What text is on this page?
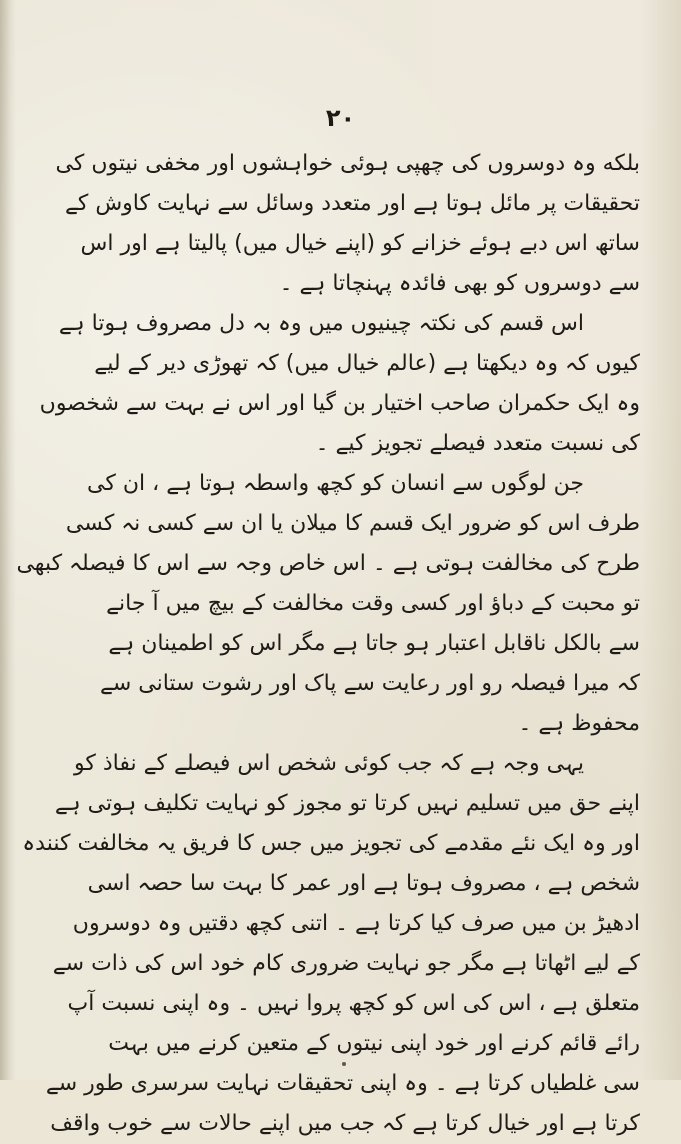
۲۰
بلکه وہ دوسروں کی چھپی ہوئی خواہشوں اور مخفی نیتوں کی
تحقیقات پر مائل ہوتا ہے اور متعدد وسائل سے نہایت کاوش کے
ساتھ اس دبے ہوئے خزانے کو (اپنے خیال میں) پالیتا ہے اور اس
سے دوسروں کو بھی فائدہ پہنچاتا ہے ۔
اس قسم کی نکتہ چینیوں میں وہ بہ دل مصروف ہوتا ہے
کیوں کہ وہ دیکھتا ہے (عالم خیال میں) کہ تھوڑی دیر کے لیے
وہ ایک حکمران صاحب اختیار بن گیا اور اس نے بہت سے شخصوں
کی نسبت متعدد فیصلے تجویز کیے ۔
جن لوگوں سے انسان کو کچھ واسطہ ہوتا ہے ، ان کی
طرف اس کو ضرور ایک قسم کا میلان یا ان سے کسی نہ کسی
طرح کی مخالفت ہوتی ہے ۔ اس خاص وجہ سے اس کا فیصلہ کبھی
تو محبت کے دباؤ اور کسی وقت مخالفت کے بیچ میں آ جانے
سے بالکل ناقابل اعتبار ہو جاتا ہے مگر اس کو اطمینان ہے
کہ میرا فیصلہ رو اور رعایت سے پاک اور رشوت ستانی سے
محفوظ ہے ۔
یہی وجہ ہے کہ جب کوئی شخص اس فیصلے کے نفاذ کو
اپنے حق میں تسلیم نہیں کرتا تو مجوز کو نہایت تکلیف ہوتی ہے
اور وہ ایک نئے مقدمے کی تجویز میں جس کا فریق یہ مخالفت کنندہ
شخص ہے ، مصروف ہوتا ہے اور عمر کا بہت سا حصہ اسی
ادھیڑ بن میں صرف کیا کرتا ہے ۔ اتنی کچھ دقتیں وہ دوسروں
کے لیے اٹھاتا ہے مگر جو نہایت ضروری کام خود اس کی ذات سے
متعلق ہے ، اس کی اس کو کچھ پروا نہیں ۔ وہ اپنی نسبت آپ
رائے قائم کرنے اور خود اپنی نیتوں کے متعین کرنے میں بہت
سی غلطیاں کرتا ہے ۔ وہ اپنی تحقیقات نہایت سرسری طور سے
کرتا ہے اور خیال کرتا ہے کہ جب میں اپنے حالات سے خوب واقف
